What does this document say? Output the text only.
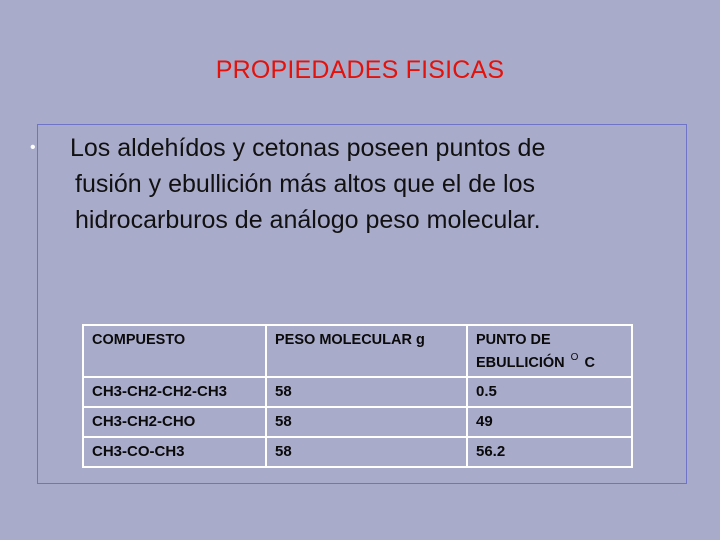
PROPIEDADES FISICAS
• Los aldehídos y cetonas poseen puntos de
fusión y ebullición más altos que el de los
hidrocarburos de análogo peso molecular.
COMPUESTO	PESO MOLECULAR g	PUNTO DE
EBULLICIÓN $^O$ C
CH3-CH2-CH2-CH3	58	0.5
CH3-CH2-CHO	58	49
CH3-CO-CH3	58	56.2
